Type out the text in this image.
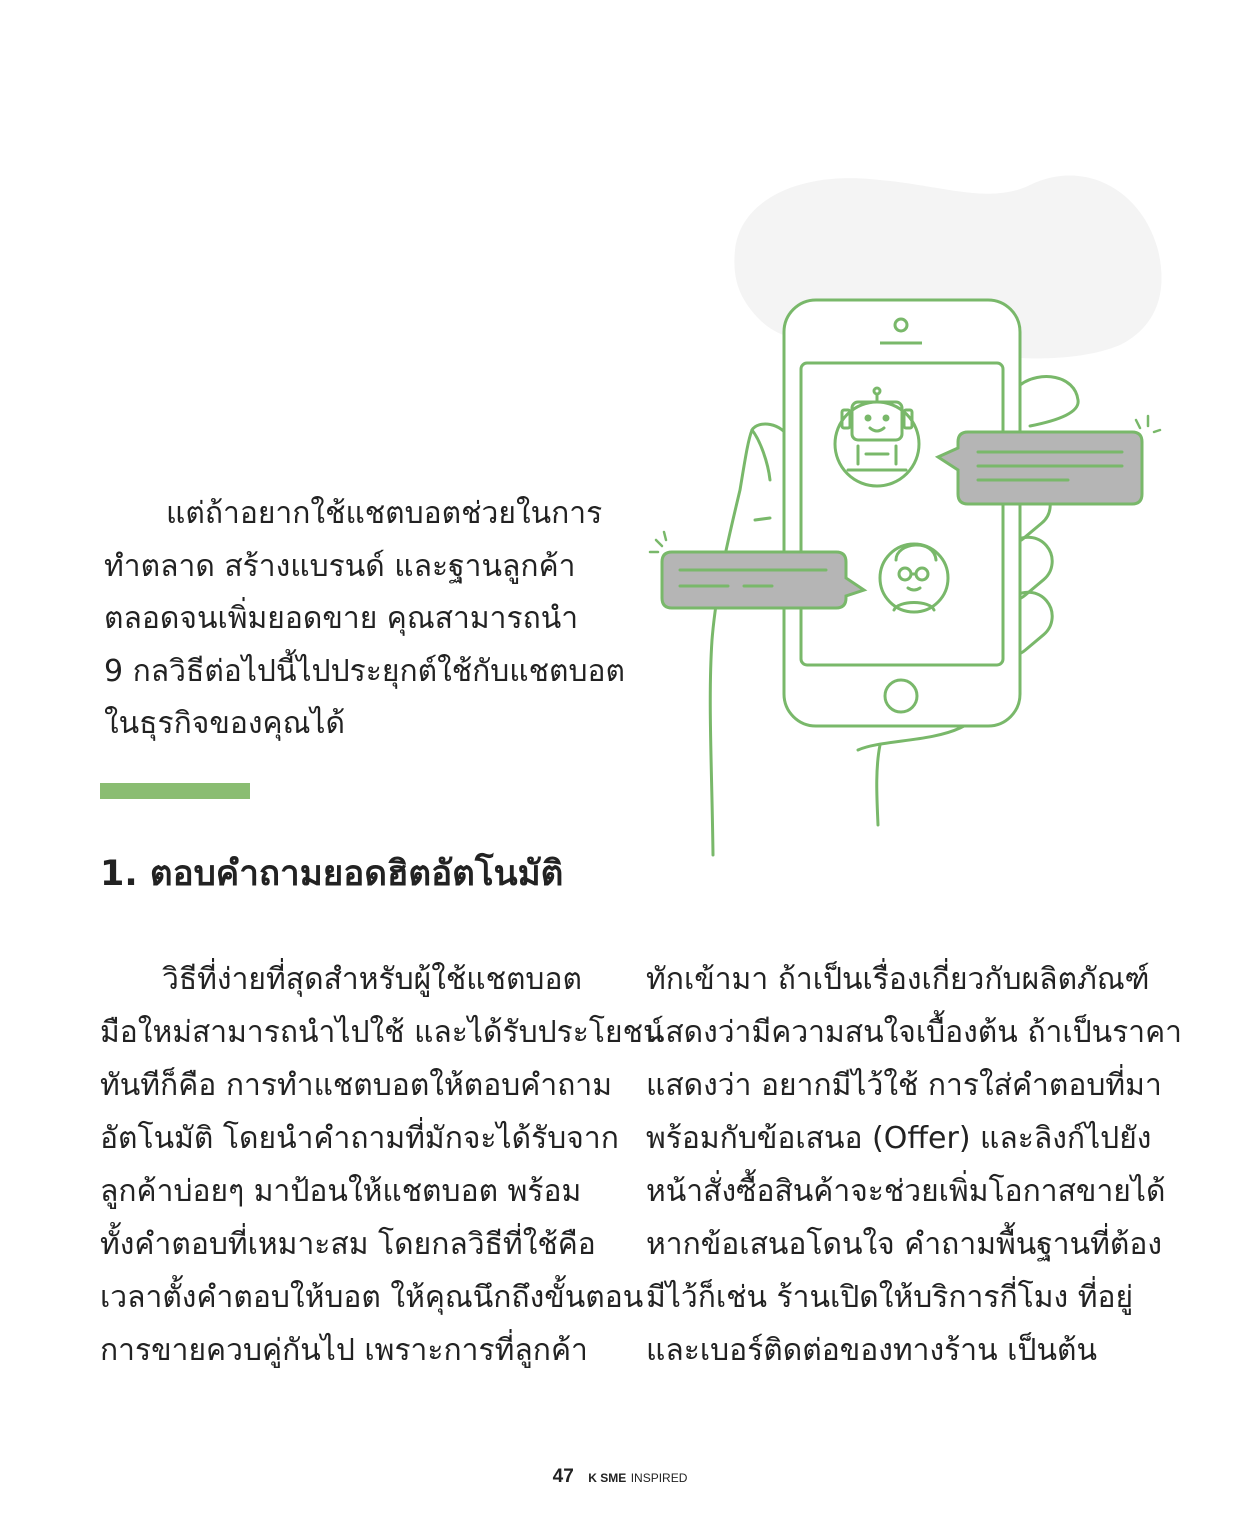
แต่ถ้าอยากใช้แชตบอตช่วยในการ
ทำตลาด สร้างแบรนด์ และฐานลูกค้า
ตลอดจนเพิ่มยอดขาย คุณสามารถนำ
9 กลวิธีต่อไปนี้ไปประยุกต์ใช้กับแชตบอต
ในธุรกิจของคุณได้

1. ตอบคำถามยอดฮิตอัตโนมัติ

วิธีที่ง่ายที่สุดสำหรับผู้ใช้แชตบอต
มือใหม่สามารถนำไปใช้ และได้รับประโยชน์
ทันทีก็คือ การทำแชตบอตให้ตอบคำถาม
อัตโนมัติ โดยนำคำถามที่มักจะได้รับจาก
ลูกค้าบ่อยๆ มาป้อนให้แชตบอต พร้อม
ทั้งคำตอบที่เหมาะสม โดยกลวิธีที่ใช้คือ
เวลาตั้งคำตอบให้บอต ให้คุณนึกถึงขั้นตอน
การขายควบคู่กันไป เพราะการที่ลูกค้า

ทักเข้ามา ถ้าเป็นเรื่องเกี่ยวกับผลิตภัณฑ์
แสดงว่ามีความสนใจเบื้องต้น ถ้าเป็นราคา
แสดงว่า อยากมีไว้ใช้ การใส่คำตอบที่มา
พร้อมกับข้อเสนอ (Offer) และลิงก์ไปยัง
หน้าสั่งซื้อสินค้าจะช่วยเพิ่มโอกาสขายได้
หากข้อเสนอโดนใจ คำถามพื้นฐานที่ต้อง
มีไว้ก็เช่น ร้านเปิดให้บริการกี่โมง ที่อยู่
และเบอร์ติดต่อของทางร้าน เป็นต้น

47 K SME INSPIRED
